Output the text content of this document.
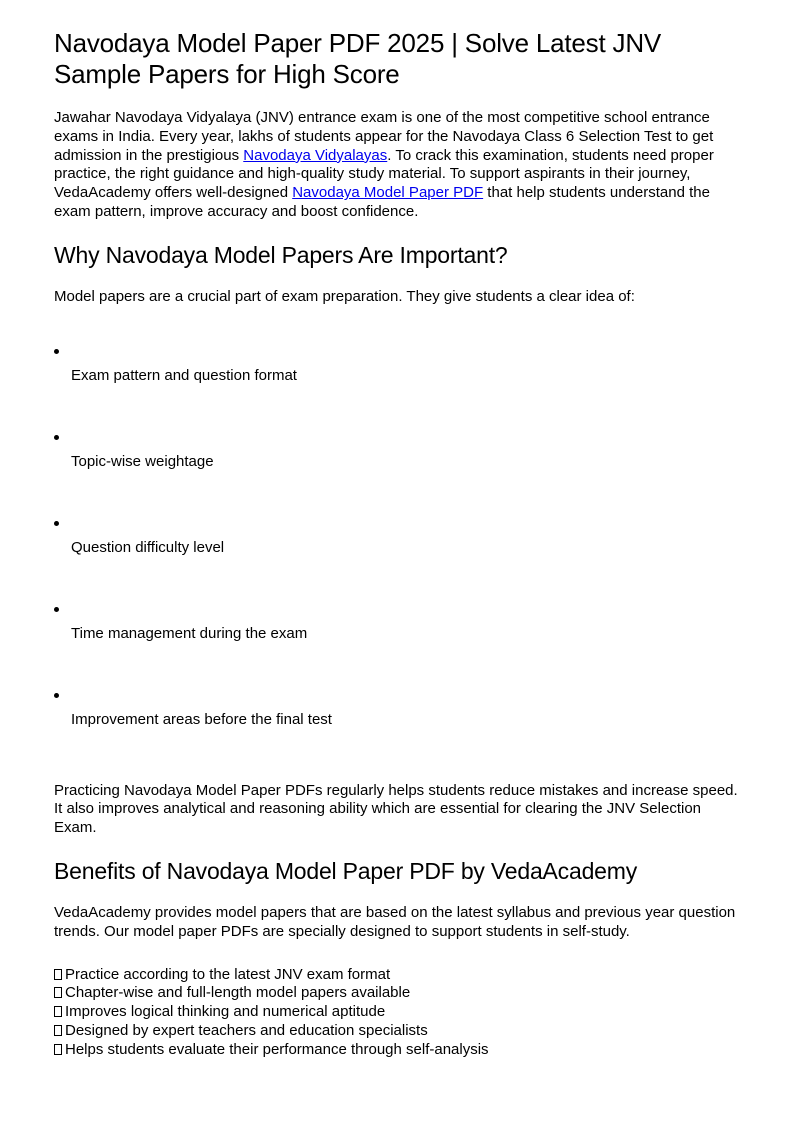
Navodaya Model Paper PDF 2025 | Solve Latest JNV Sample Papers for High Score

Jawahar Navodaya Vidyalaya (JNV) entrance exam is one of the most competitive school entrance exams in India. Every year, lakhs of students appear for the Navodaya Class 6 Selection Test to get admission in the prestigious Navodaya Vidyalayas. To crack this examination, students need proper practice, the right guidance and high-quality study material. To support aspirants in their journey, VedaAcademy offers well-designed Navodaya Model Paper PDF that help students understand the exam pattern, improve accuracy and boost confidence.

Why Navodaya Model Papers Are Important?

Model papers are a crucial part of exam preparation. They give students a clear idea of:

Exam pattern and question format
Topic-wise weightage
Question difficulty level
Time management during the exam
Improvement areas before the final test

Practicing Navodaya Model Paper PDFs regularly helps students reduce mistakes and increase speed. It also improves analytical and reasoning ability which are essential for clearing the JNV Selection Exam.

Benefits of Navodaya Model Paper PDF by VedaAcademy

VedaAcademy provides model papers that are based on the latest syllabus and previous year question trends. Our model paper PDFs are specially designed to support students in self-study.

Practice according to the latest JNV exam format
Chapter-wise and full-length model papers available
Improves logical thinking and numerical aptitude
Designed by expert teachers and education specialists
Helps students evaluate their performance through self-analysis
